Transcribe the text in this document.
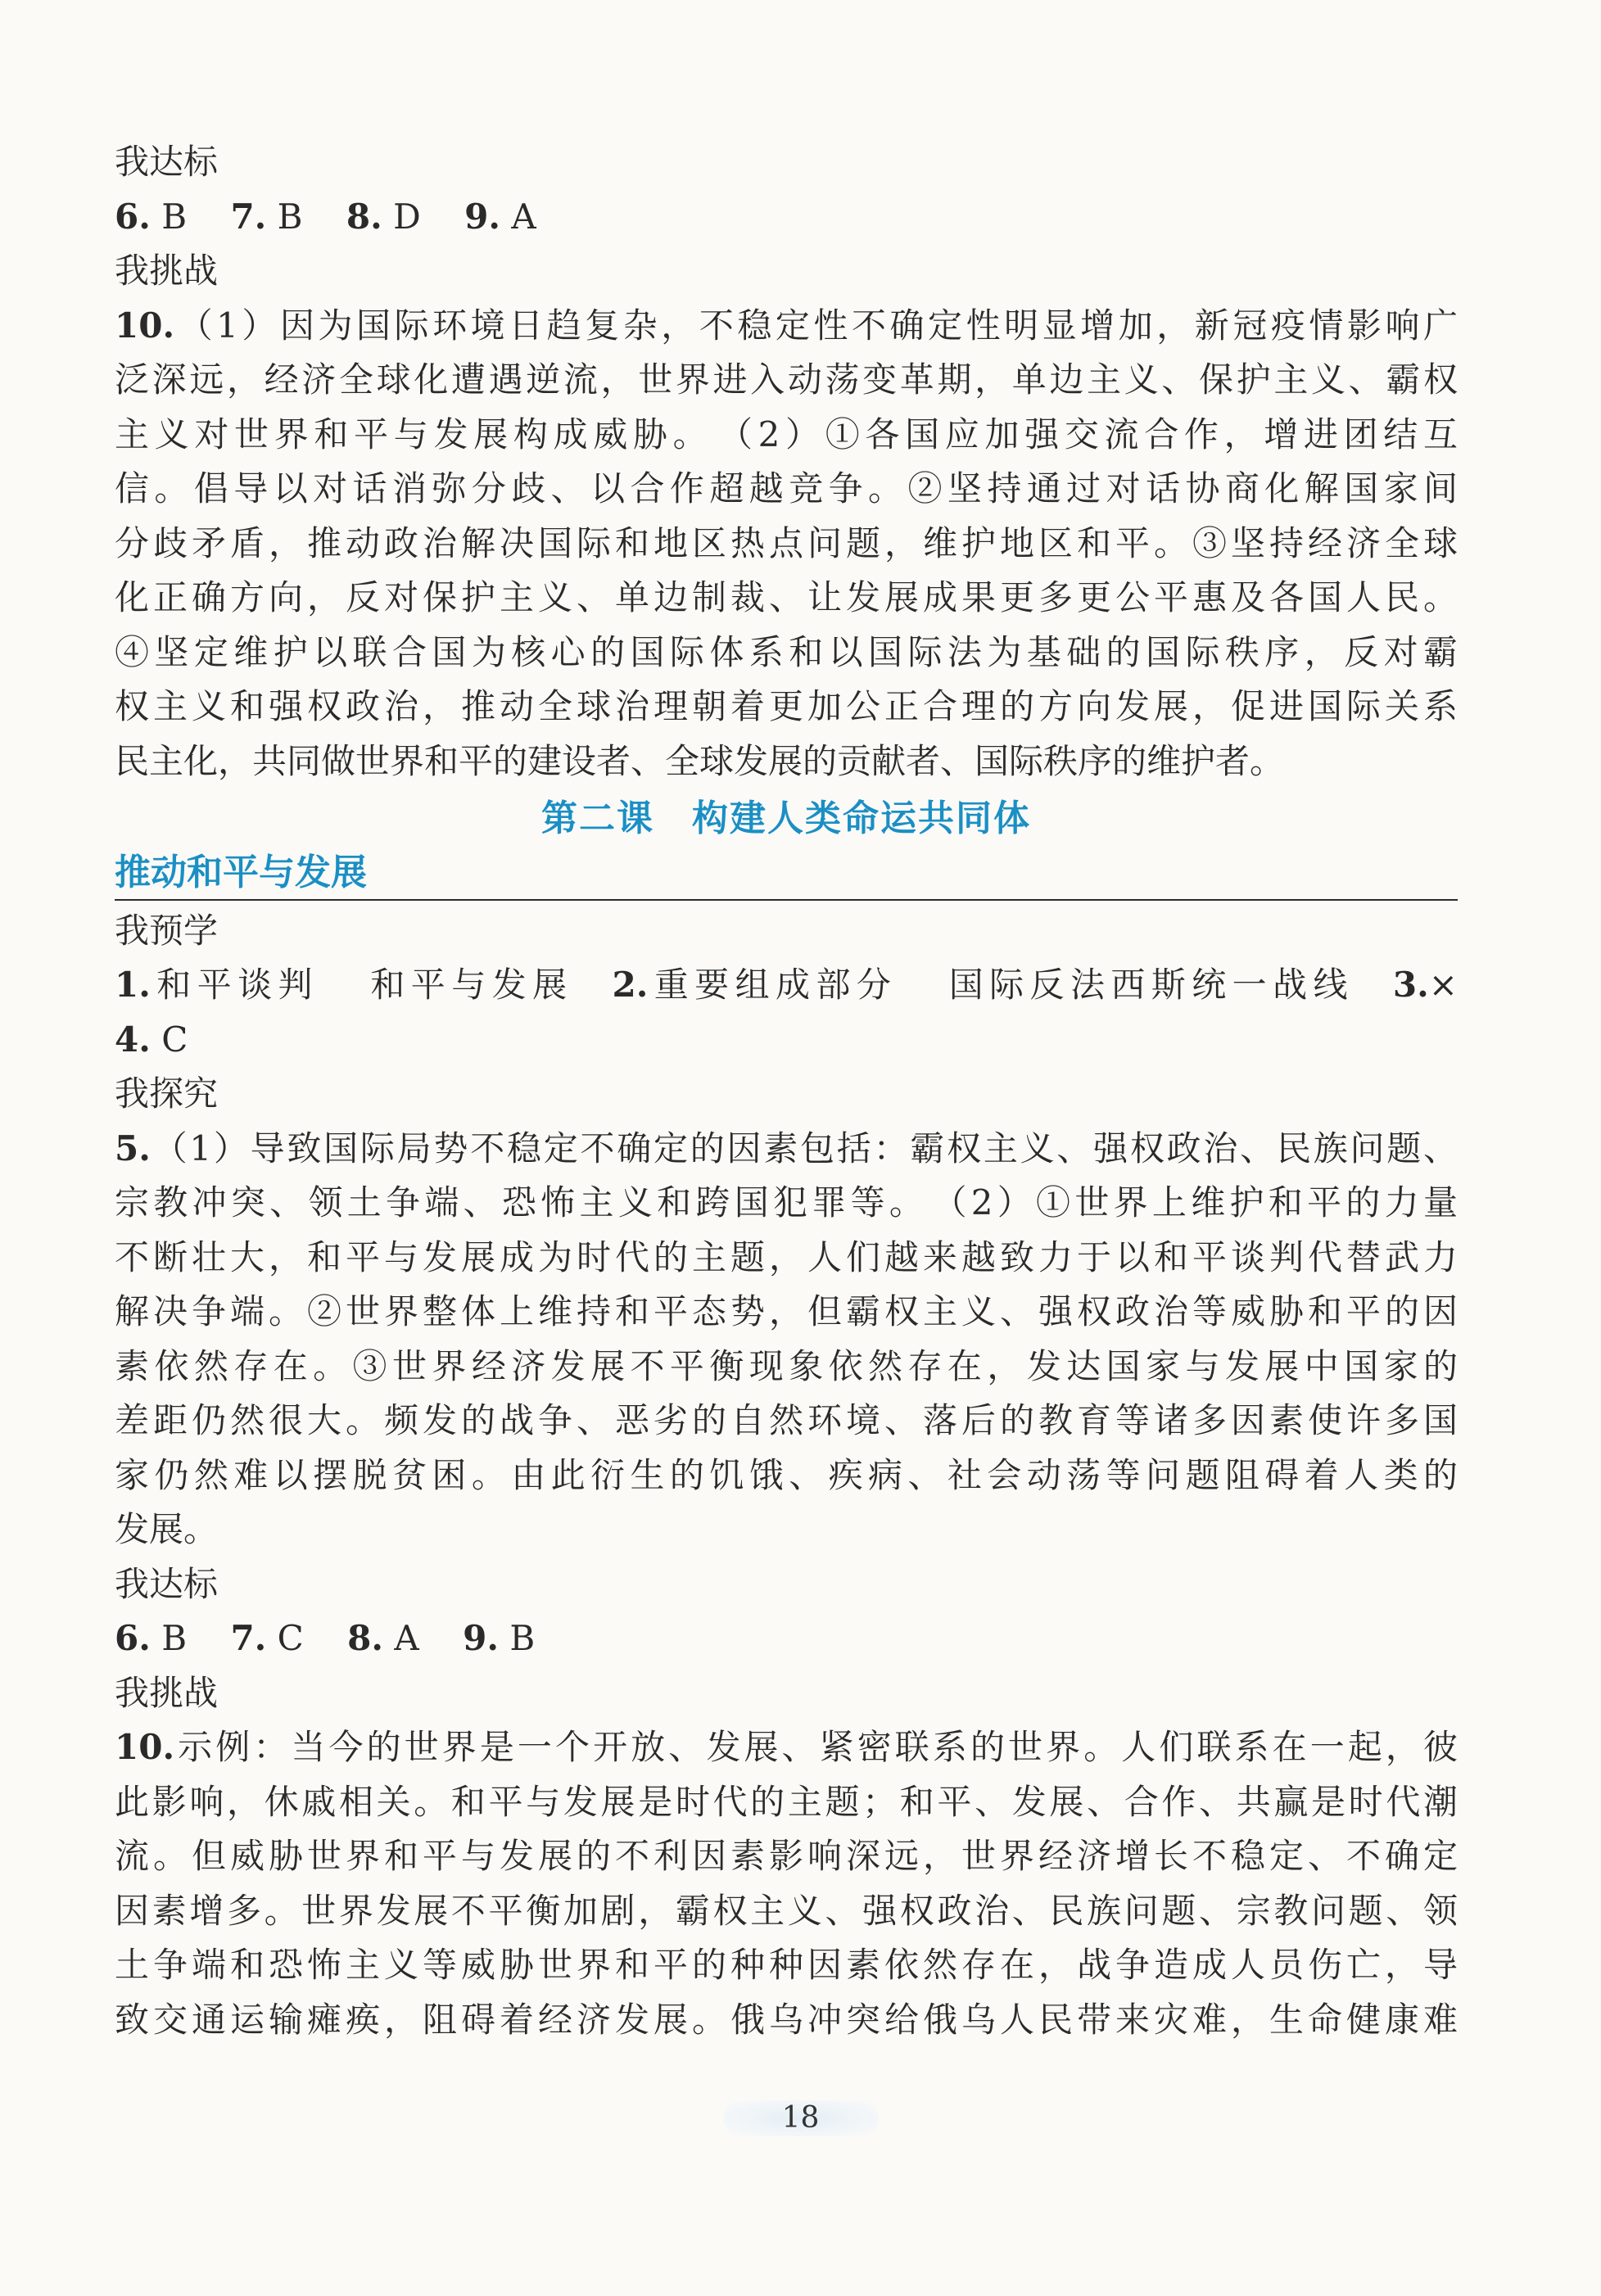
我达标
6. B 7. B 8. D 9. A
我挑战
10.（1）因为国际环境日趋复杂，不稳定性不确定性明显增加，新冠疫情影响广
泛深远，经济全球化遭遇逆流，世界进入动荡变革期，单边主义、保护主义、霸权
主义对世界和平与发展构成威胁。　（2）①各国应加强交流合作，增进团结互
信。倡导以对话消弥分歧、以合作超越竞争。②坚持通过对话协商化解国家间
分歧矛盾，推动政治解决国际和地区热点问题，维护地区和平。③坚持经济全球
化正确方向，反对保护主义、单边制裁、让发展成果更多更公平惠及各国人民。
④坚定维护以联合国为核心的国际体系和以国际法为基础的国际秩序，反对霸
权主义和强权政治，推动全球治理朝着更加公正合理的方向发展，促进国际关系
民主化，共同做世界和平的建设者、全球发展的贡献者、国际秩序的维护者。
第二课 构建人类命运共同体
推动和平与发展
我预学
1.和平谈判 和平与发展 2.重要组成部分 国际反法西斯统一战线 3.×
4. C
我探究
5.（1）导致国际局势不稳定不确定的因素包括：霸权主义、强权政治、民族问题、
宗教冲突、领土争端、恐怖主义和跨国犯罪等。　（2）①世界上维护和平的力量
不断壮大，和平与发展成为时代的主题，人们越来越致力于以和平谈判代替武力
解决争端。②世界整体上维持和平态势，但霸权主义、强权政治等威胁和平的因
素依然存在。③世界经济发展不平衡现象依然存在，发达国家与发展中国家的
差距仍然很大。频发的战争、恶劣的自然环境、落后的教育等诸多因素使许多国
家仍然难以摆脱贫困。由此衍生的饥饿、疾病、社会动荡等问题阻碍着人类的
发展。
我达标
6. B 7. C 8. A 9. B
我挑战
10.示例：当今的世界是一个开放、发展、紧密联系的世界。人们联系在一起，彼
此影响，休戚相关。和平与发展是时代的主题；和平、发展、合作、共赢是时代潮
流。但威胁世界和平与发展的不利因素影响深远，世界经济增长不稳定、不确定
因素增多。世界发展不平衡加剧，霸权主义、强权政治、民族问题、宗教问题、领
土争端和恐怖主义等威胁世界和平的种种因素依然存在，战争造成人员伤亡，导
致交通运输瘫痪，阻碍着经济发展。俄乌冲突给俄乌人民带来灾难，生命健康难
18
